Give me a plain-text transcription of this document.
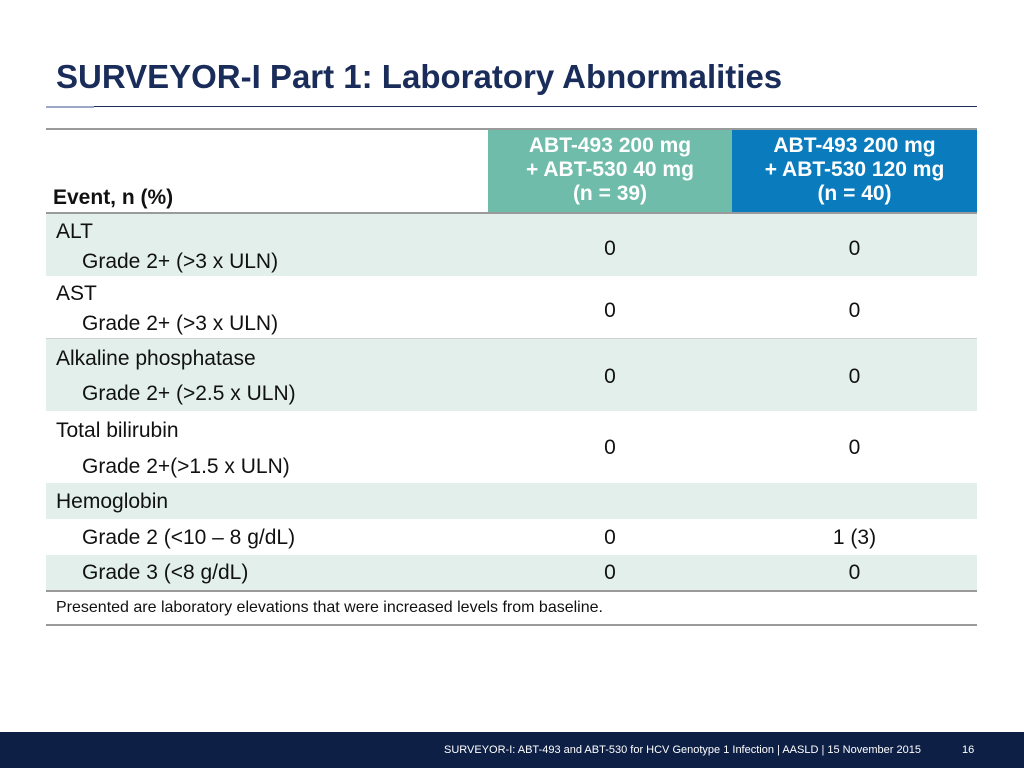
SURVEYOR-I Part 1: Laboratory Abnormalities
Event, n (%)
ABT-493 200 mg
+ ABT-530 40 mg
(n = 39)
ABT-493 200 mg
+ ABT-530 120 mg
(n = 40)
ALT
Grade 2+ (>3 x ULN)
0	0
AST
Grade 2+ (>3 x ULN)
0	0
Alkaline phosphatase
Grade 2+ (>2.5 x ULN)
0	0
Total bilirubin
Grade 2+(>1.5 x ULN)
0	0
Hemoglobin
Grade 2 (<10 – 8 g/dL)	0	1 (3)
Grade 3 (<8 g/dL)	0	0
Presented are laboratory elevations that were increased levels from baseline.
SURVEYOR-I: ABT-493 and ABT-530 for HCV Genotype 1 Infection | AASLD | 15 November 2015	16
